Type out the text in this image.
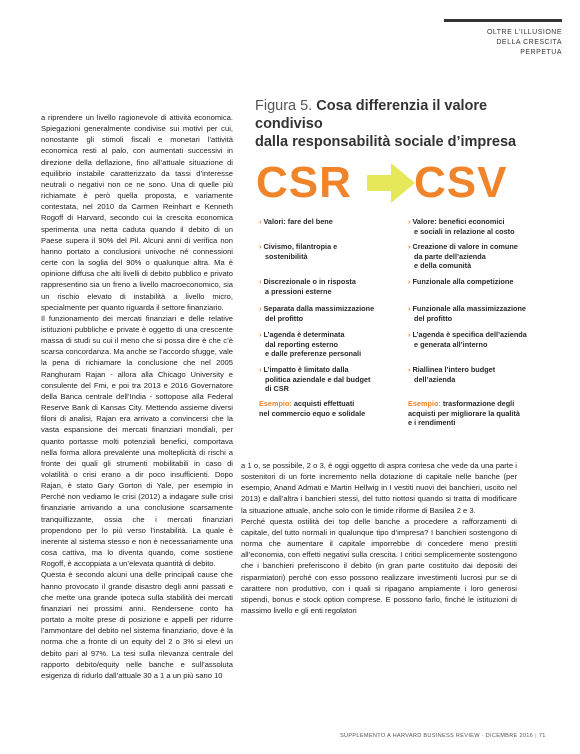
OLTRE L'ILLUSIONE
DELLA CRESCITA
PERPETUA

a riprendere un livello ragionevole di attività economica. Spiegazioni generalmente condivise sui motivi per cui, nonostante gli stimoli fiscali e monetari l’attività economica resti al palo, con aumentati successivi in direzione della deflazione, fino all’attuale situazione di equilibrio instabile caratterizzato da tassi d’interesse neutrali o negativi non ce ne sono. Una di quelle più richiamate è però quella proposta, e variamente contestata, nel 2010 da Carmen Reinhart e Kenneth Rogoff di Harvard, secondo cui la crescita economica sperimenta una netta caduta quando il debito di un Paese supera il 90% del Pil. Alcuni anni di verifica non hanno portato a conclusioni univoche né connessioni certe con la soglia del 90% o qualunque altra. Ma è opinione diffusa che alti livelli di debito pubblico e privato rappresentino sia un freno a livello macroeconomico, sia un rischio elevato di instabilità a livello micro, specialmente per quanto riguarda il settore finanziario.

Il funzionamento dei mercati finanziari e delle relative istituzioni pubbliche e private è oggetto di una crescente massa di studi su cui il meno che si possa dire è che c’è scarsa concordanza. Ma anche se l’accordo sfugge, vale la pena di richiamare la conclusione che nel 2005 Ranghuram Rajan - allora alla Chicago University e consulente del Fmi, e poi tra 2013 e 2016 Governatore della Banca centrale dell’India - sottopose alla Federal Reserve Bank di Kansas City. Mettendo assieme diversi filoni di analisi, Rajan era arrivato a convincersi che la vasta espansione dei mercati finanziari mondiali, per quanto portasse molti potenziali benefici, comportava nella forma allora prevalente una molteplicità di rischi a fronte dei quali gli strumenti mobilitabili in caso di volatilità o crisi erano a dir poco insufficienti. Dopo Rajan, è stato Gary Gorton di Yale, per esempio in Perché non vediamo le crisi (2012) a indagare sulle crisi finanziarie arrivando a una conclusione scarsamente tranquillizzante, ossia che i mercati finanziari propendono per lo più verso l’instabilità. La quale è inerente al sistema stesso e non è necessariamente una cosa cattiva, ma lo diventa quando, come sostiene Rogoff, è accoppiata a un’elevata quantità di debito.

Questa è secondo alcuni una delle principali cause che hanno provocato il grande disastro degli anni passati e che mette una grande ipoteca sulla stabilità dei mercati finanziari nei prossimi anni. Rendersene conto ha portato a molte prese di posizione e appelli per ridurre l’ammontare del debito nel sistema finanziario, dove è la norma che a fronte di un equity del 2 o 3% si elevi un debito pari al 97%. La tesi sulla rilevanza centrale del rapporto debito/equity nelle banche e sull’assoluta esigenza di ridurlo dall’attuale 30 a 1 a un più sano 10

Figura 5. Cosa differenzia il valore condiviso
dalla responsabilità sociale d’impresa
CSR CSV
› Valori: fare del bene
› Civismo, filantropia e
sostenibilità
› Discrezionale o in risposta
a pressioni esterne
› Separata dalla massimizzazione
del profitto
› L’agenda è determinata
dal reporting esterno
e dalle preferenze personali
› L’impatto è limitato dalla
politica aziendale e dal budget
di CSR
Esempio: acquisti effettuati
nel commercio equo e solidale
› Valore: benefici economici
e sociali in relazione al costo
› Creazione di valore in comune
da parte dell’azienda
e della comunità
› Funzionale alla competizione
› Funzionale alla massimizzazione
del profitto
› L’agenda è specifica dell’azienda
e generata all’interno
› Riallinea l’intero budget
dell’azienda
Esempio: trasformazione degli
acquisti per migliorare la qualità
e i rendimenti

a 1 o, se possibile, 2 o 3, è oggi oggetto di aspra contesa che vede da una parte i sostenitori di un forte incremento nella dotazione di capitale nelle banche (per esempio, Anand Admati e Martin Hellwig in I vestiti nuovi dei banchieri, uscito nel 2013) e dall’altra i banchieri stessi, del tutto riottosi quando si tratta di modificare la situazione attuale, anche solo con le timide riforme di Basilea 2 e 3.

Perché questa ostilità dei top delle banche a procedere a rafforzamenti di capitale, del tutto normali in qualunque tipo d’impresa? I banchieri sostengono di norma che aumentare il capitale imporrebbe di concedere meno prestiti all’economia, con effetti negativi sulla crescita. I critici semplicemente sostengono che i banchieri preferiscono il debito (in gran parte costituito dai depositi dei risparmiatori) perché con esso possono realizzare investimenti lucrosi pur se di carattere non produttivo, con i quali si ripagano ampiamente i loro generosi stipendi, bonus e stock option comprese. E possono farlo, finché le istituzioni di massimo livello e gli enti regolatori

SUPPLEMENTO A HARVARD BUSINESS REVIEW · DICEMBRE 2016 | 71
